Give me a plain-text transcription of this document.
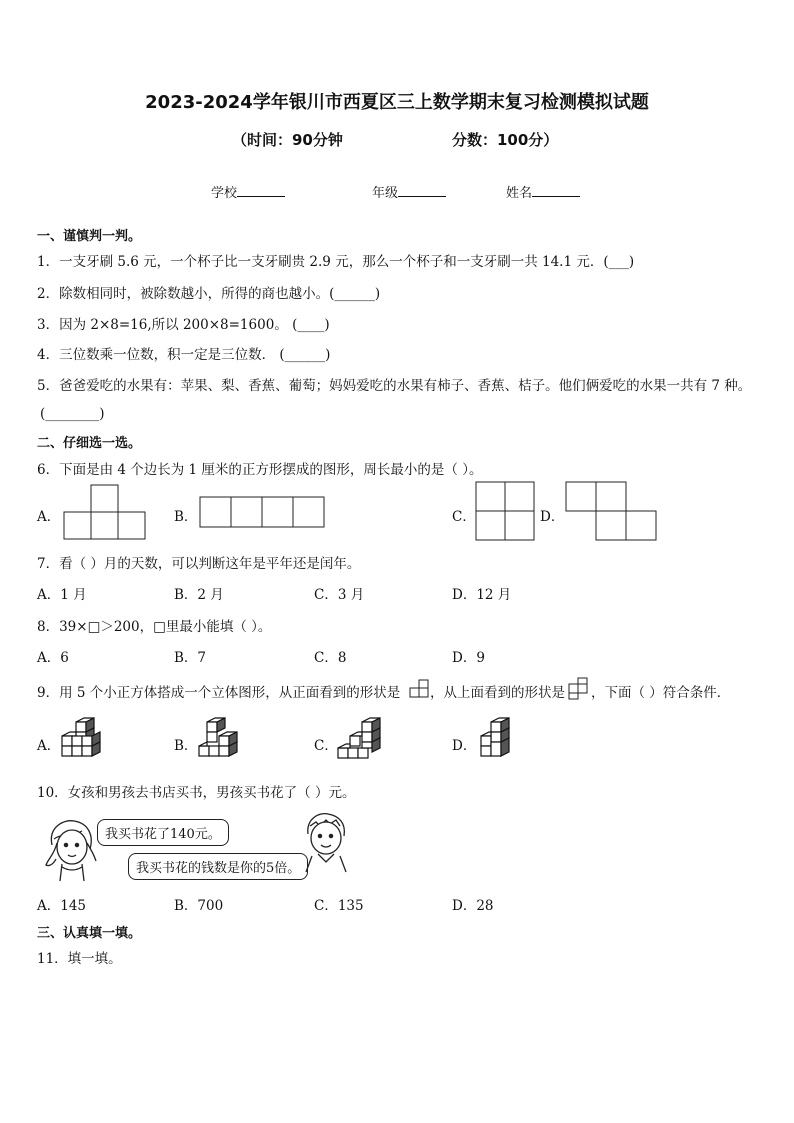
2023-2024学年银川市西夏区三上数学期末复习检测模拟试题
（时间：90分钟	分数：100分）
学校	年级	姓名
一、谨慎判一判。
1．一支牙刷 5.6 元，一个杯子比一支牙刷贵 2.9 元，那么一个杯子和一支牙刷一共 14.1 元．(___)
2．除数相同时，被除数越小，所得的商也越小。(______)
3．因为 2×8=16,所以 200×8=1600。 (____)
4．三位数乘一位数，积一定是三位数． (______)
5．爸爸爱吃的水果有：苹果、梨、香蕉、葡萄；妈妈爱吃的水果有柿子、香蕉、桔子。他们俩爱吃的水果一共有 7 种。
(________)
二、仔细选一选。
6．下面是由 4 个边长为 1 厘米的正方形摆成的图形，周长最小的是（ ）。
A．	B．	C．	D．
7．看（ ）月的天数，可以判断这年是平年还是闰年。
A．1 月	B．2 月	C．3 月	D．12 月
8．39×□＞200，□里最小能填（ ）。
A．6	B．7	C．8	D．9
9．用 5 个小正方体搭成一个立体图形，从正面看到的形状是 ，从上面看到的形状是 ，下面（ ）符合条件．
A．	B．	C．	D．
10．女孩和男孩去书店买书，男孩买书花了（ ）元。
我买书花了140元。
我买书花的钱数是你的5倍。
A．145	B．700	C．135	D．28
三、认真填一填。
11．填一填。
